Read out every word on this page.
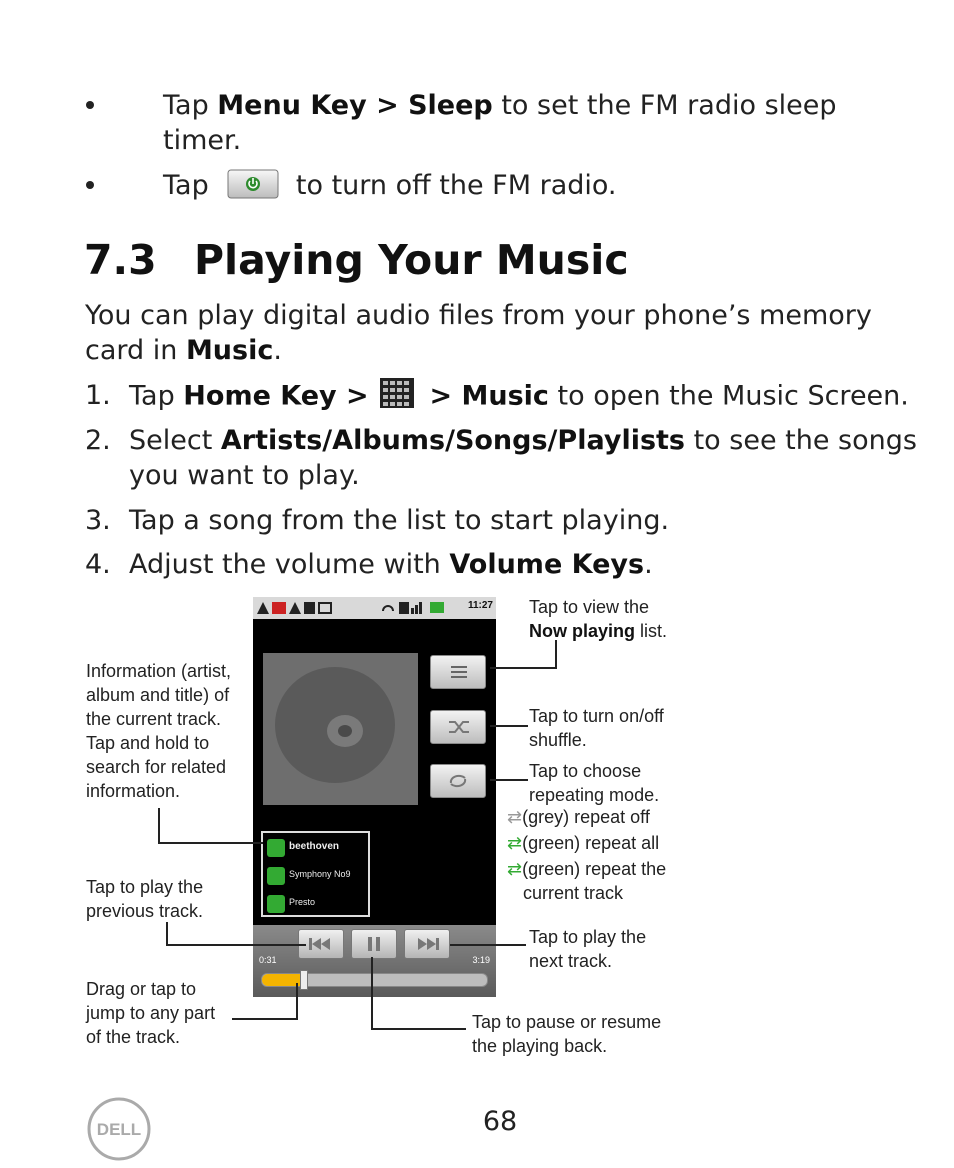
Tap Menu Key > Sleep to set the FM radio sleep
timer.
Tap	to turn off the FM radio.
7.3 Playing Your Music
You can play digital audio files from your phone’s memory
card in Music.
1. Tap Home Key >  > Music to open the Music Screen.
2. Select Artists/Albums/Songs/Playlists to see the songs
you want to play.
3. Tap a song from the list to start playing.
4. Adjust the volume with Volume Keys.
11:27
beethoven
Symphony No9
Presto
0:31	3:19
Tap to view the
Now playing list.
Information (artist,
album and title) of
the current track.
Tap and hold to
search for related
information.
Tap to turn on/off
shuffle.
Tap to choose
repeating mode.
⇄(grey) repeat off
⇄(green) repeat all
⇄(green) repeat the
current track
Tap to play the
previous track.
Tap to play the
next track.
Drag or tap to
jump to any part
of the track.
Tap to pause or resume
the playing back.
DELL	68
